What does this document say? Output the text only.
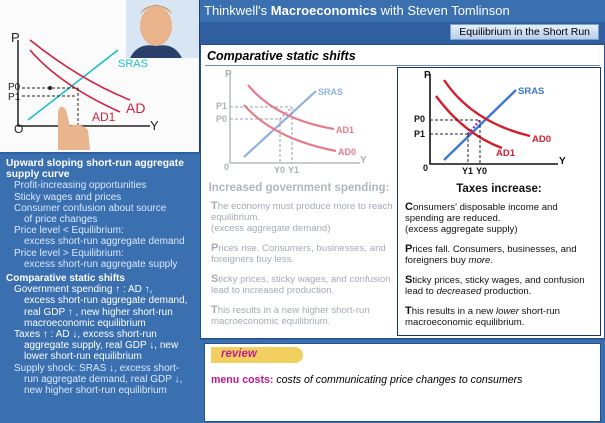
P
Y
P0
P1
O
SRAS
AD
AD1
Upward sloping short-run aggregate supply curve
Profit-increasing opportunities
Sticky wages and prices
Consumer confusion about source
of price changes
Price level < Equilibrium:
excess short-run aggregate demand
Price level > Equilibrium:
excess short-run aggregate supply
Comparative static shifts
Government spending ↑ : AD ↑,
excess short-run aggregate demand,
real GDP ↑ , new higher short-run
macroeconomic equilibrium
Taxes ↑ : AD ↓, excess short-run
aggregate supply, real GDP ↓, new
lower short-run equilibrium
Supply shock: SRAS ↓, excess short-
run aggregate demand, real GDP ↓,
new higher short-run equilibrium
Thinkwell's Macroeconomics with Steven Tomlinson
Equilibrium in the Short Run
Comparative static shifts
P
Y
0
P1
P0
Y0 Y1
SRAS
AD1
AD0
Increased government spending:
The economy must produce more to reach equilibrium.
(excess aggregate demand)
Prices rise. Consumers, businesses, and foreigners buy less.
Sticky prices, sticky wages, and confusion lead to increased production.
This results in a new higher short-run macroeconomic equilibrium.
P
Y
0
P0
P1
Y1 Y0
SRAS
AD1
AD0
Taxes increase:
Consumers' disposable income and spending are reduced.
(excess aggregate supply)
Prices fall. Consumers, businesses, and foreigners buy more.
Sticky prices, sticky wages, and confusion lead to decreased production.
This results in a new lower short-run macroeconomic equilibrium.
review
menu costs: costs of communicating price changes to consumers
